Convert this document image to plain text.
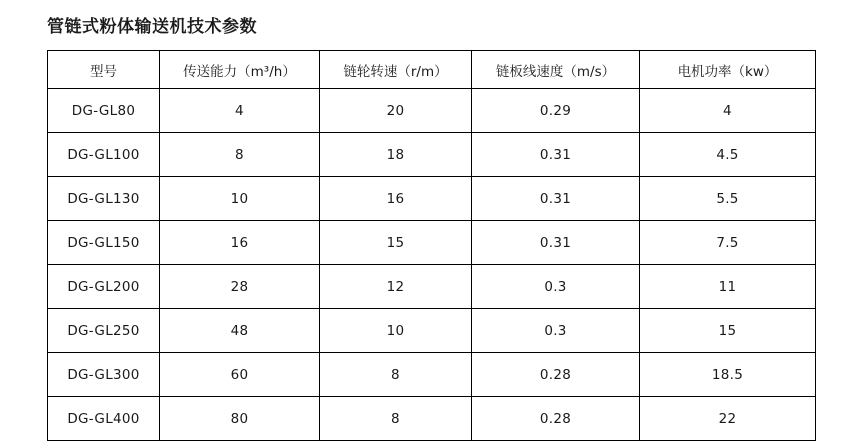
管链式粉体输送机技术参数
型号	传送能力（m³/h）	链轮转速（r/m）	链板线速度（m/s）	电机功率（kw）
DG-GL80	4	20	0.29	4
DG-GL100	8	18	0.31	4.5
DG-GL130	10	16	0.31	5.5
DG-GL150	16	15	0.31	7.5
DG-GL200	28	12	0.3	11
DG-GL250	48	10	0.3	15
DG-GL300	60	8	0.28	18.5
DG-GL400	80	8	0.28	22
